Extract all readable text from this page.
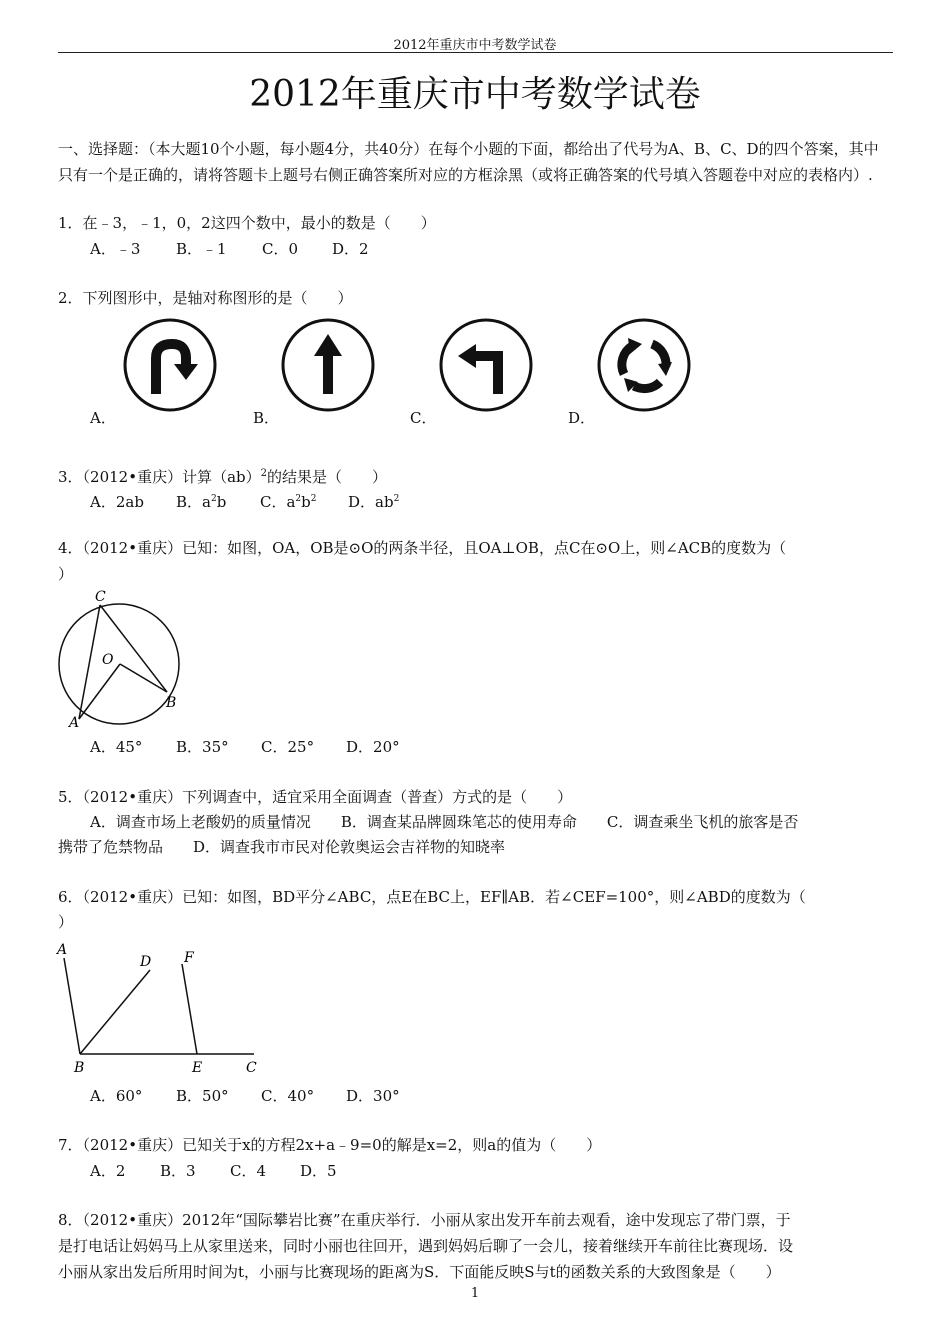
2012年重庆市中考数学试卷
2012年重庆市中考数学试卷
一、选择题：（本大题10个小题，每小题4分，共40分）在每个小题的下面，都给出了代号为A、B、C、D的四个答案，其中只有一个是正确的，请将答题卡上题号右侧正确答案所对应的方框涂黑（或将正确答案的代号填入答题卷中对应的表格内）.
1．在﹣3，﹣1，0，2这四个数中，最小的数是（　　）
A．﹣3 B．﹣1 C．0 D．2
2．下列图形中，是轴对称图形的是（　　）
A．	B．	C．	D．
3．（2012•重庆）计算（ab）$^2$的结果是（　　）
A．2ab B．$a^2b$ C．$a^2b^2$ D．$ab^2$
4．（2012•重庆）已知：如图，OA，OB是⊙O的两条半径，且OA⊥OB，点C在⊙O上，则∠ACB的度数为（
）
C
O
B
A
A．45° B．35° C．25° D．20°
5．（2012•重庆）下列调查中，适宜采用全面调查（普查）方式的是（　　）
A．调查市场上老酸奶的质量情况　　B．调查某品牌圆珠笔芯的使用寿命　　C．调查乘坐飞机的旅客是否
携带了危禁物品　　D．调查我市市民对伦敦奥运会吉祥物的知晓率
6．（2012•重庆）已知：如图，BD平分∠ABC，点E在BC上，EF∥AB．若∠CEF=100°，则∠ABD的度数为（
）
A
D F
B	E	C
A．60° B．50° C．40° D．30°
7．（2012•重庆）已知关于x的方程2x+a﹣9=0的解是x=2，则a的值为（　　）
A．2 B．3 C．4 D．5
8．（2012•重庆）2012年“国际攀岩比赛”在重庆举行．小丽从家出发开车前去观看，途中发现忘了带门票，于
是打电话让妈妈马上从家里送来，同时小丽也往回开，遇到妈妈后聊了一会儿，接着继续开车前往比赛现场．设
小丽从家出发后所用时间为t，小丽与比赛现场的距离为S．下面能反映S与t的函数关系的大致图象是（　　）
1
